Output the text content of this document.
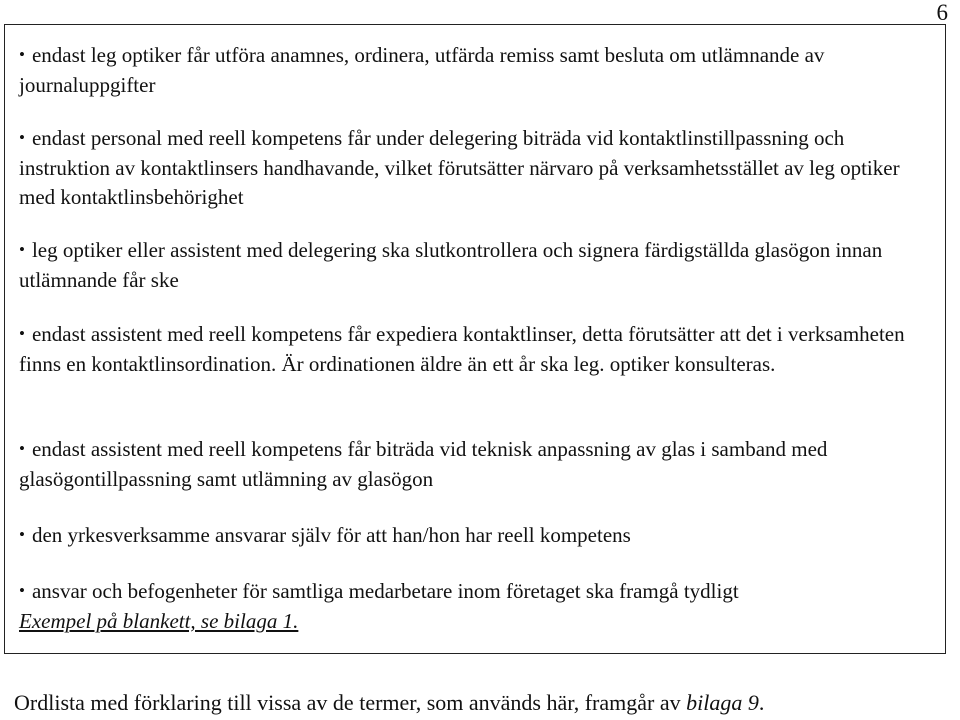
6

• endast leg optiker får utföra anamnes, ordinera, utfärda remiss samt besluta om utlämnande av journaluppgifter

• endast personal med reell kompetens får under delegering biträda vid kontaktlinstillpassning och instruktion av kontaktlinsers handhavande, vilket förutsätter närvaro på verksamhetsstället av leg optiker med kontaktlinsbehörighet

• leg optiker eller assistent med delegering ska slutkontrollera och signera färdigställda glasögon innan utlämnande får ske

• endast assistent med reell kompetens får expediera kontaktlinser, detta förutsätter att det i verksamheten finns en kontaktlinsordination. Är ordinationen äldre än ett år ska leg. optiker konsulteras.

• endast assistent med reell kompetens får biträda vid teknisk anpassning av glas i samband med glasögontillpassning samt utlämning av glasögon

• den yrkesverksamme ansvarar själv för att han/hon har reell kompetens

• ansvar och befogenheter för samtliga medarbetare inom företaget ska framgå tydligt

Exempel på blankett, se bilaga 1.

Ordlista med förklaring till vissa av de termer, som används här, framgår av bilaga 9.
